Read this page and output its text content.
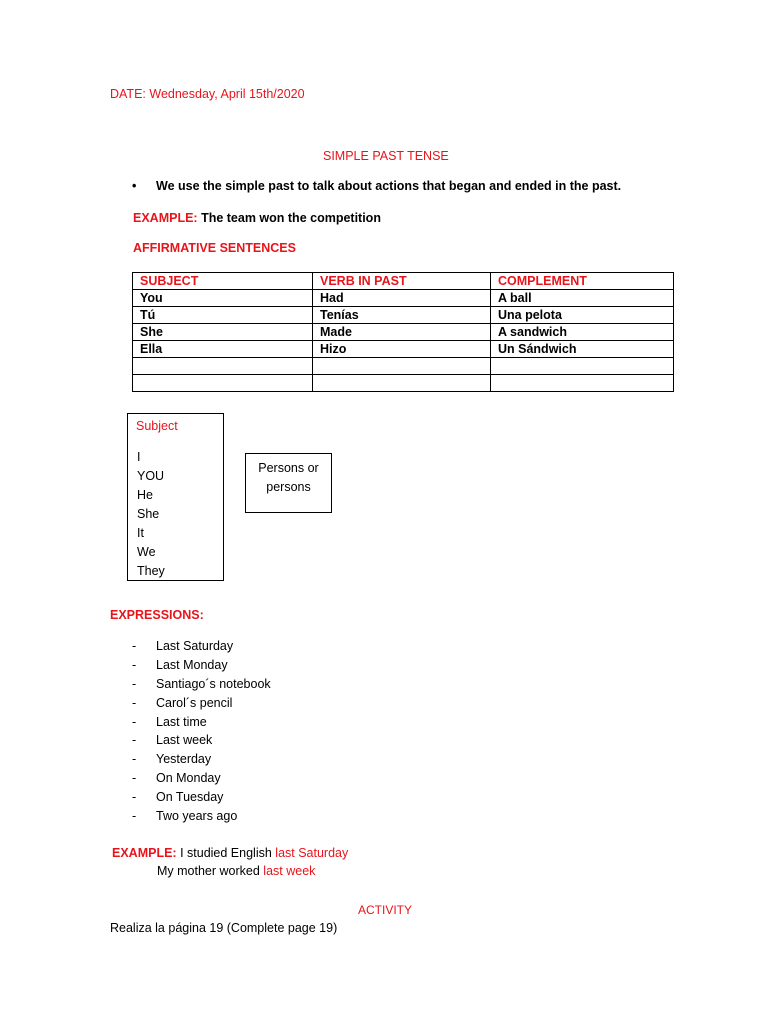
DATE: Wednesday, April 15th/2020
SIMPLE PAST TENSE
• We use the simple past to talk about actions that began and ended in the past.
EXAMPLE: The team won the competition
AFFIRMATIVE SENTENCES
SUBJECT	VERB IN PAST	COMPLEMENT
You	Had	A ball
Tú	Tenías	Una pelota
She	Made	A sandwich
Ella	Hizo	Un Sándwich

Subject
I
YOU
He
She
It
We
They
Persons or
persons
EXPRESSIONS:
- Last Saturday
- Last Monday
- Santiago´s notebook
- Carol´s pencil
- Last time
- Last week
- Yesterday
- On Monday
- On Tuesday
- Two years ago
EXAMPLE: I studied English last Saturday
My mother worked last week
ACTIVITY
Realiza la página 19 (Complete page 19)
